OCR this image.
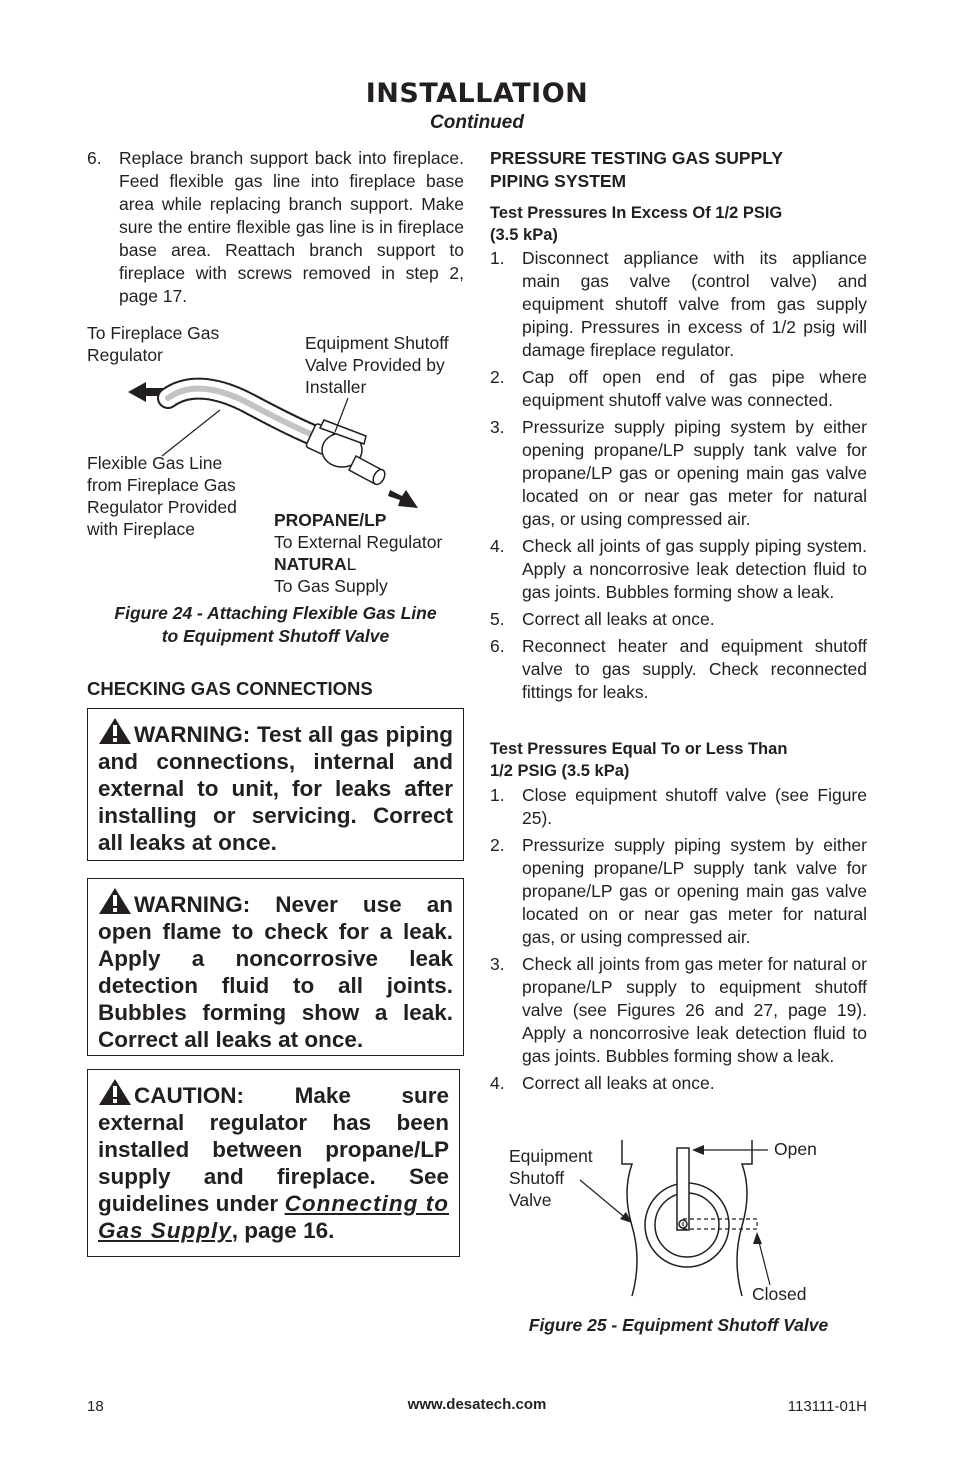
INSTALLATION
Continued
6. Replace branch support back into fireplace. Feed flexible gas line into fireplace base area while replacing branch support. Make sure the entire flexible gas line is in fireplace base area. Reattach branch support to fireplace with screws removed in step 2, page 17.
To Fireplace Gas Regulator
Equipment Shutoff Valve Provided by Installer
Flexible Gas Line
from Fireplace Gas
Regulator Provided
with Fireplace	PROPANE/LP
To External Regulator
NATURAL
To Gas Supply
Figure 24 - Attaching Flexible Gas Line
to Equipment Shutoff Valve
CHECKING GAS CONNECTIONS
WARNING: Test all gas piping and connections, internal and external to unit, for leaks after installing or servicing. Correct all leaks at once.
WARNING: Never use an open flame to check for a leak. Apply a noncorrosive leak detection fluid to all joints. Bubbles forming show a leak. Correct all leaks at once.
CAUTION: Make sure external regulator has been installed between propane/LP supply and fireplace. See guidelines under Connecting to Gas Supply, page 16.
PRESSURE TESTING GAS SUPPLY
PIPING SYSTEM
Test Pressures In Excess Of 1/2 PSIG
(3.5 kPa)
1. Disconnect appliance with its appliance main gas valve (control valve) and equipment shutoff valve from gas supply piping. Pressures in excess of 1/2 psig will damage fireplace regulator.
2. Cap off open end of gas pipe where equipment shutoff valve was connected.
3. Pressurize supply piping system by either opening propane/LP supply tank valve for propane/LP gas or opening main gas valve located on or near gas meter for natural gas, or using compressed air.
4. Check all joints of gas supply piping system. Apply a noncorrosive leak detection fluid to gas joints. Bubbles forming show a leak.
5. Correct all leaks at once.
6. Reconnect heater and equipment shutoff valve to gas supply. Check reconnected fittings for leaks.
Test Pressures Equal To or Less Than
1/2 PSIG (3.5 kPa)
1. Close equipment shutoff valve (see Figure 25).
2. Pressurize supply piping system by either opening propane/LP supply tank valve for propane/LP gas or opening main gas valve located on or near gas meter for natural gas, or using compressed air.
3. Check all joints from gas meter for natural or propane/LP supply to equipment shutoff valve (see Figures 26 and 27, page 19). Apply a noncorrosive leak detection fluid to gas joints. Bubbles forming show a leak.
4. Correct all leaks at once.
Equipment
Shutoff
Valve
Open
Closed
Figure 25 - Equipment Shutoff Valve
18	www.desatech.com	113111-01H
